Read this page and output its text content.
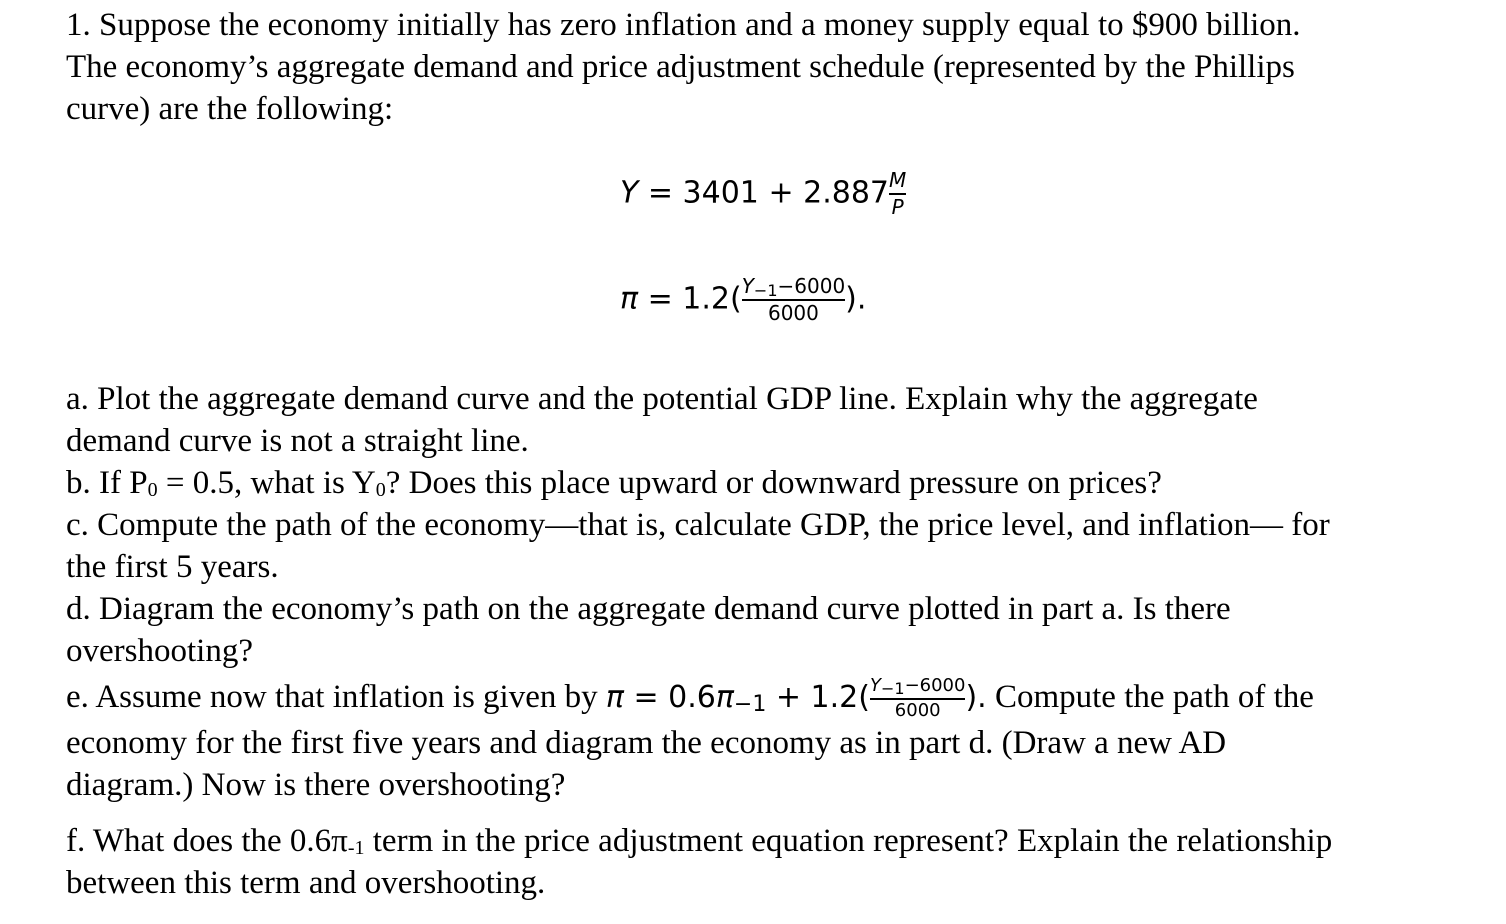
1. Suppose the economy initially has zero inflation and a money supply equal to $900 billion.
The economy’s aggregate demand and price adjustment schedule (represented by the Phillips
curve) are the following:
$Y = 3401 + 2.887 \frac{M}{P}$
$\pi = 1.2( \frac{Y_{-1}-6000}{6000}$ ).
a. Plot the aggregate demand curve and the potential GDP line. Explain why the aggregate
demand curve is not a straight line.
b. If $P_0 = 0.5$, what is $Y_0$? Does this place upward or downward pressure on prices?
c. Compute the path of the economy—that is, calculate GDP, the price level, and inflation— for
the first 5 years.
d. Diagram the economy’s path on the aggregate demand curve plotted in part a. Is there
overshooting?
e. Assume now that inflation is given by $\pi = 0.6\pi_{-1} + 1.2( \frac{Y_{-1}-6000}{6000}$ ). Compute the path of the
economy for the first five years and diagram the economy as in part d. (Draw a new AD
diagram.) Now is there overshooting?
f. What does the $0.6\pi_{-1}$ term in the price adjustment equation represent? Explain the relationship
between this term and overshooting.
